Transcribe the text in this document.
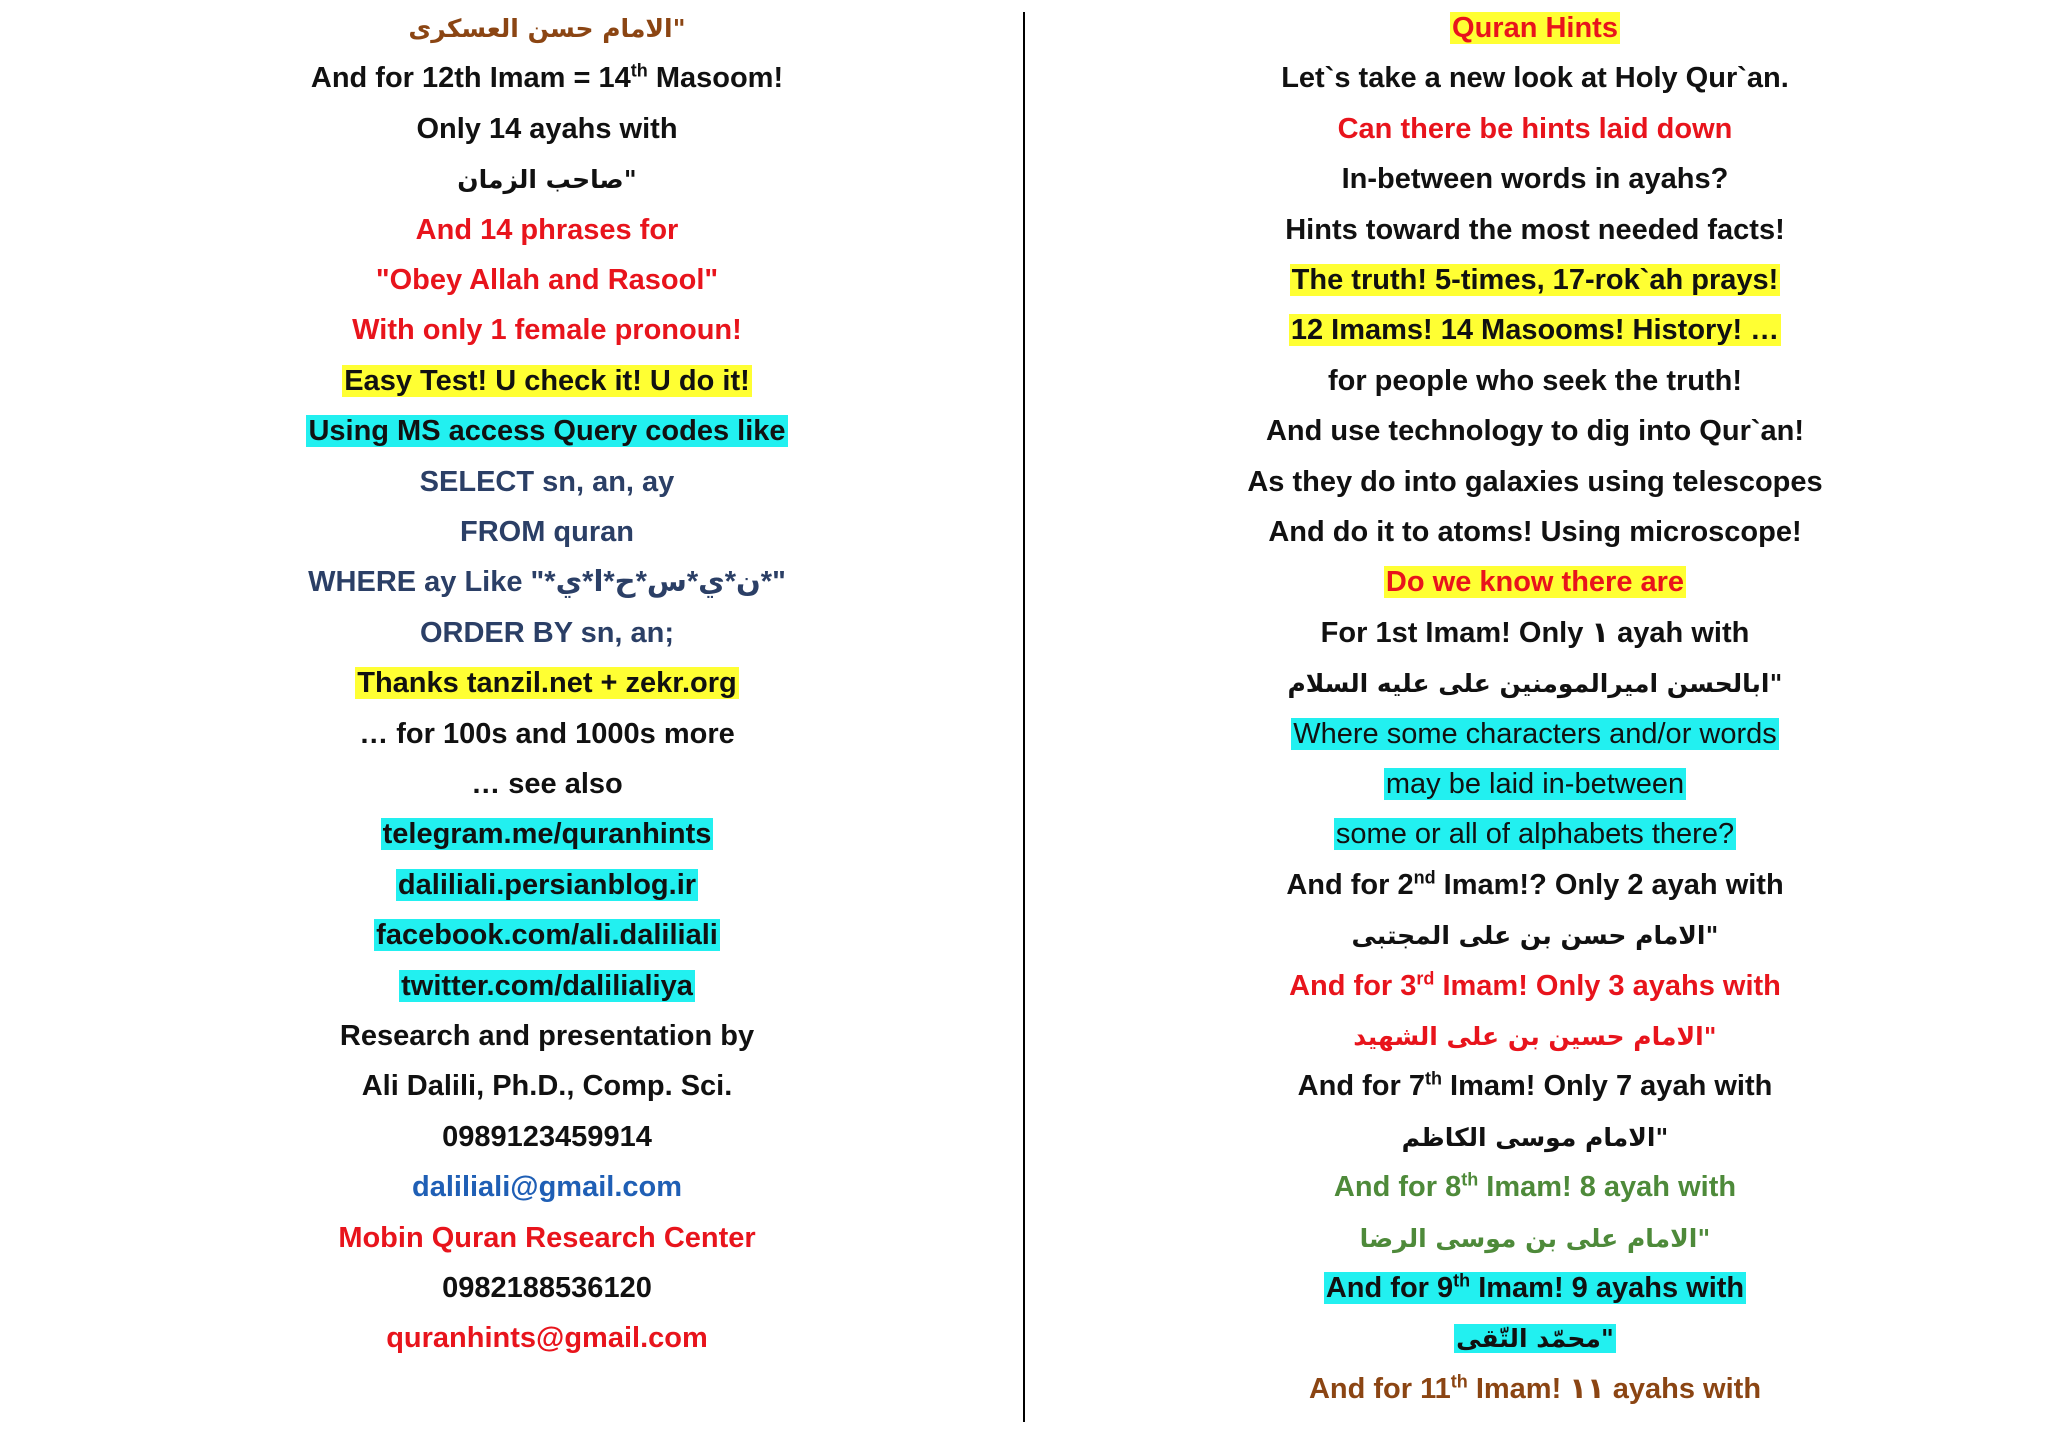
"الامام حسن العسکری
And for 12th Imam = 14th Masoom!
Only 14 ayahs with
"صاحب الزمان
And 14 phrases for
"Obey Allah and Rasool"
With only 1 female pronoun!
Easy Test! U check it! U do it!
Using MS access Query codes like
SELECT sn, an, ay
FROM quran
WHERE ay Like "*ن*ي*س*ح*ا*ي*"
ORDER BY sn, an;
Thanks tanzil.net + zekr.org
… for 100s and 1000s more
… see also
telegram.me/quranhints
daliliali.persianblog.ir
facebook.com/ali.daliliali
twitter.com/dalilialiya
Research and presentation by
Ali Dalili, Ph.D., Comp. Sci.
0989123459914
daliliali@gmail.com
Mobin Quran Research Center
0982188536120
quranhints@gmail.com
Quran Hints
Let`s take a new look at Holy Qur`an.
Can there be hints laid down
In-between words in ayahs?
Hints toward the most needed facts!
The truth! 5-times, 17-rok`ah prays!
12 Imams! 14 Masooms! History! …
for people who seek the truth!
And use technology to dig into Qur`an!
As they do into galaxies using telescopes
And do it to atoms! Using microscope!
Do we know there are
For 1st Imam! Only ١ ayah with
"ابالحسن امیرالمومنین علی علیه السلام
Where some characters and/or words
may be laid in-between
some or all of alphabets there?
And for 2nd Imam!? Only 2 ayah with
"الامام حسن بن علی المجتبی
And for 3rd Imam! Only 3 ayahs with
"الامام حسین بن علی الشهید
And for 7th Imam! Only 7 ayah with
"الامام موسی الکاظم
And for 8th Imam! 8 ayah with
"الامام علی بن موسی الرضا
And for 9th Imam! 9 ayahs with
"محمّد التّقی
And for 11th Imam! ١١ ayahs with
